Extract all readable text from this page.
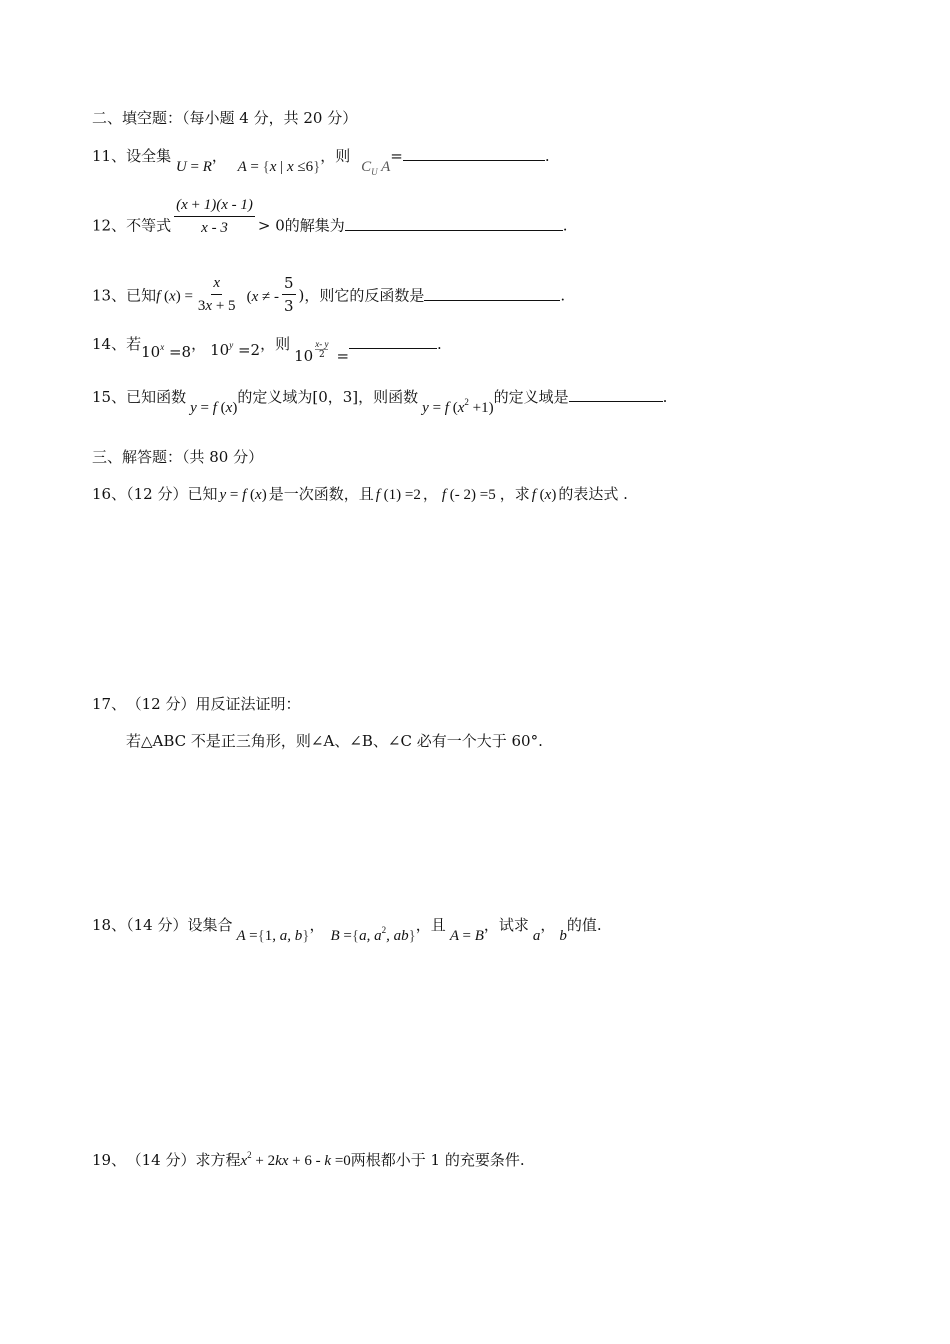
二、填空题：（每小题 4 分，共 20 分）
11、设全集 U = R， A = {x | x ≤6}，则 $C_U$ A=	.
12、不等式 $\frac{(x + 1)(x - 1)}{x - 3} > 0$的解集为	.
13、已知f $(x) = \frac{x}{3x + 5} (x$ ≠ - $\frac{5}{3}$ )，则它的反函数是	.
14、若$10^x =8$， $10^y =2$，则$10 \frac{x- y}{2}$ =.
15、已知函数y = f (x)的定义域为[0，3]，则函数y = f $(x^2 +1)$的定义域是	.
三、解答题：（共 80 分）
16、（12 分）已知 y = f (x) 是一次函数，且 f (1) =2 ， f (- 2) =5 ，求 f (x) 的表达式 .
17、 （12 分）用反证法证明：
若△ABC 不是正三角形，则∠A、∠B、∠C 必有一个大于 60°.
18、（14 分）设集合A ={1, a, b}，B ={a, $a^2$, ab}，且A = B，试求a，b的值.
19、 （14 分）求方程$x^2 + 2kx + 6 - k =0$两根都小于 1 的充要条件.
